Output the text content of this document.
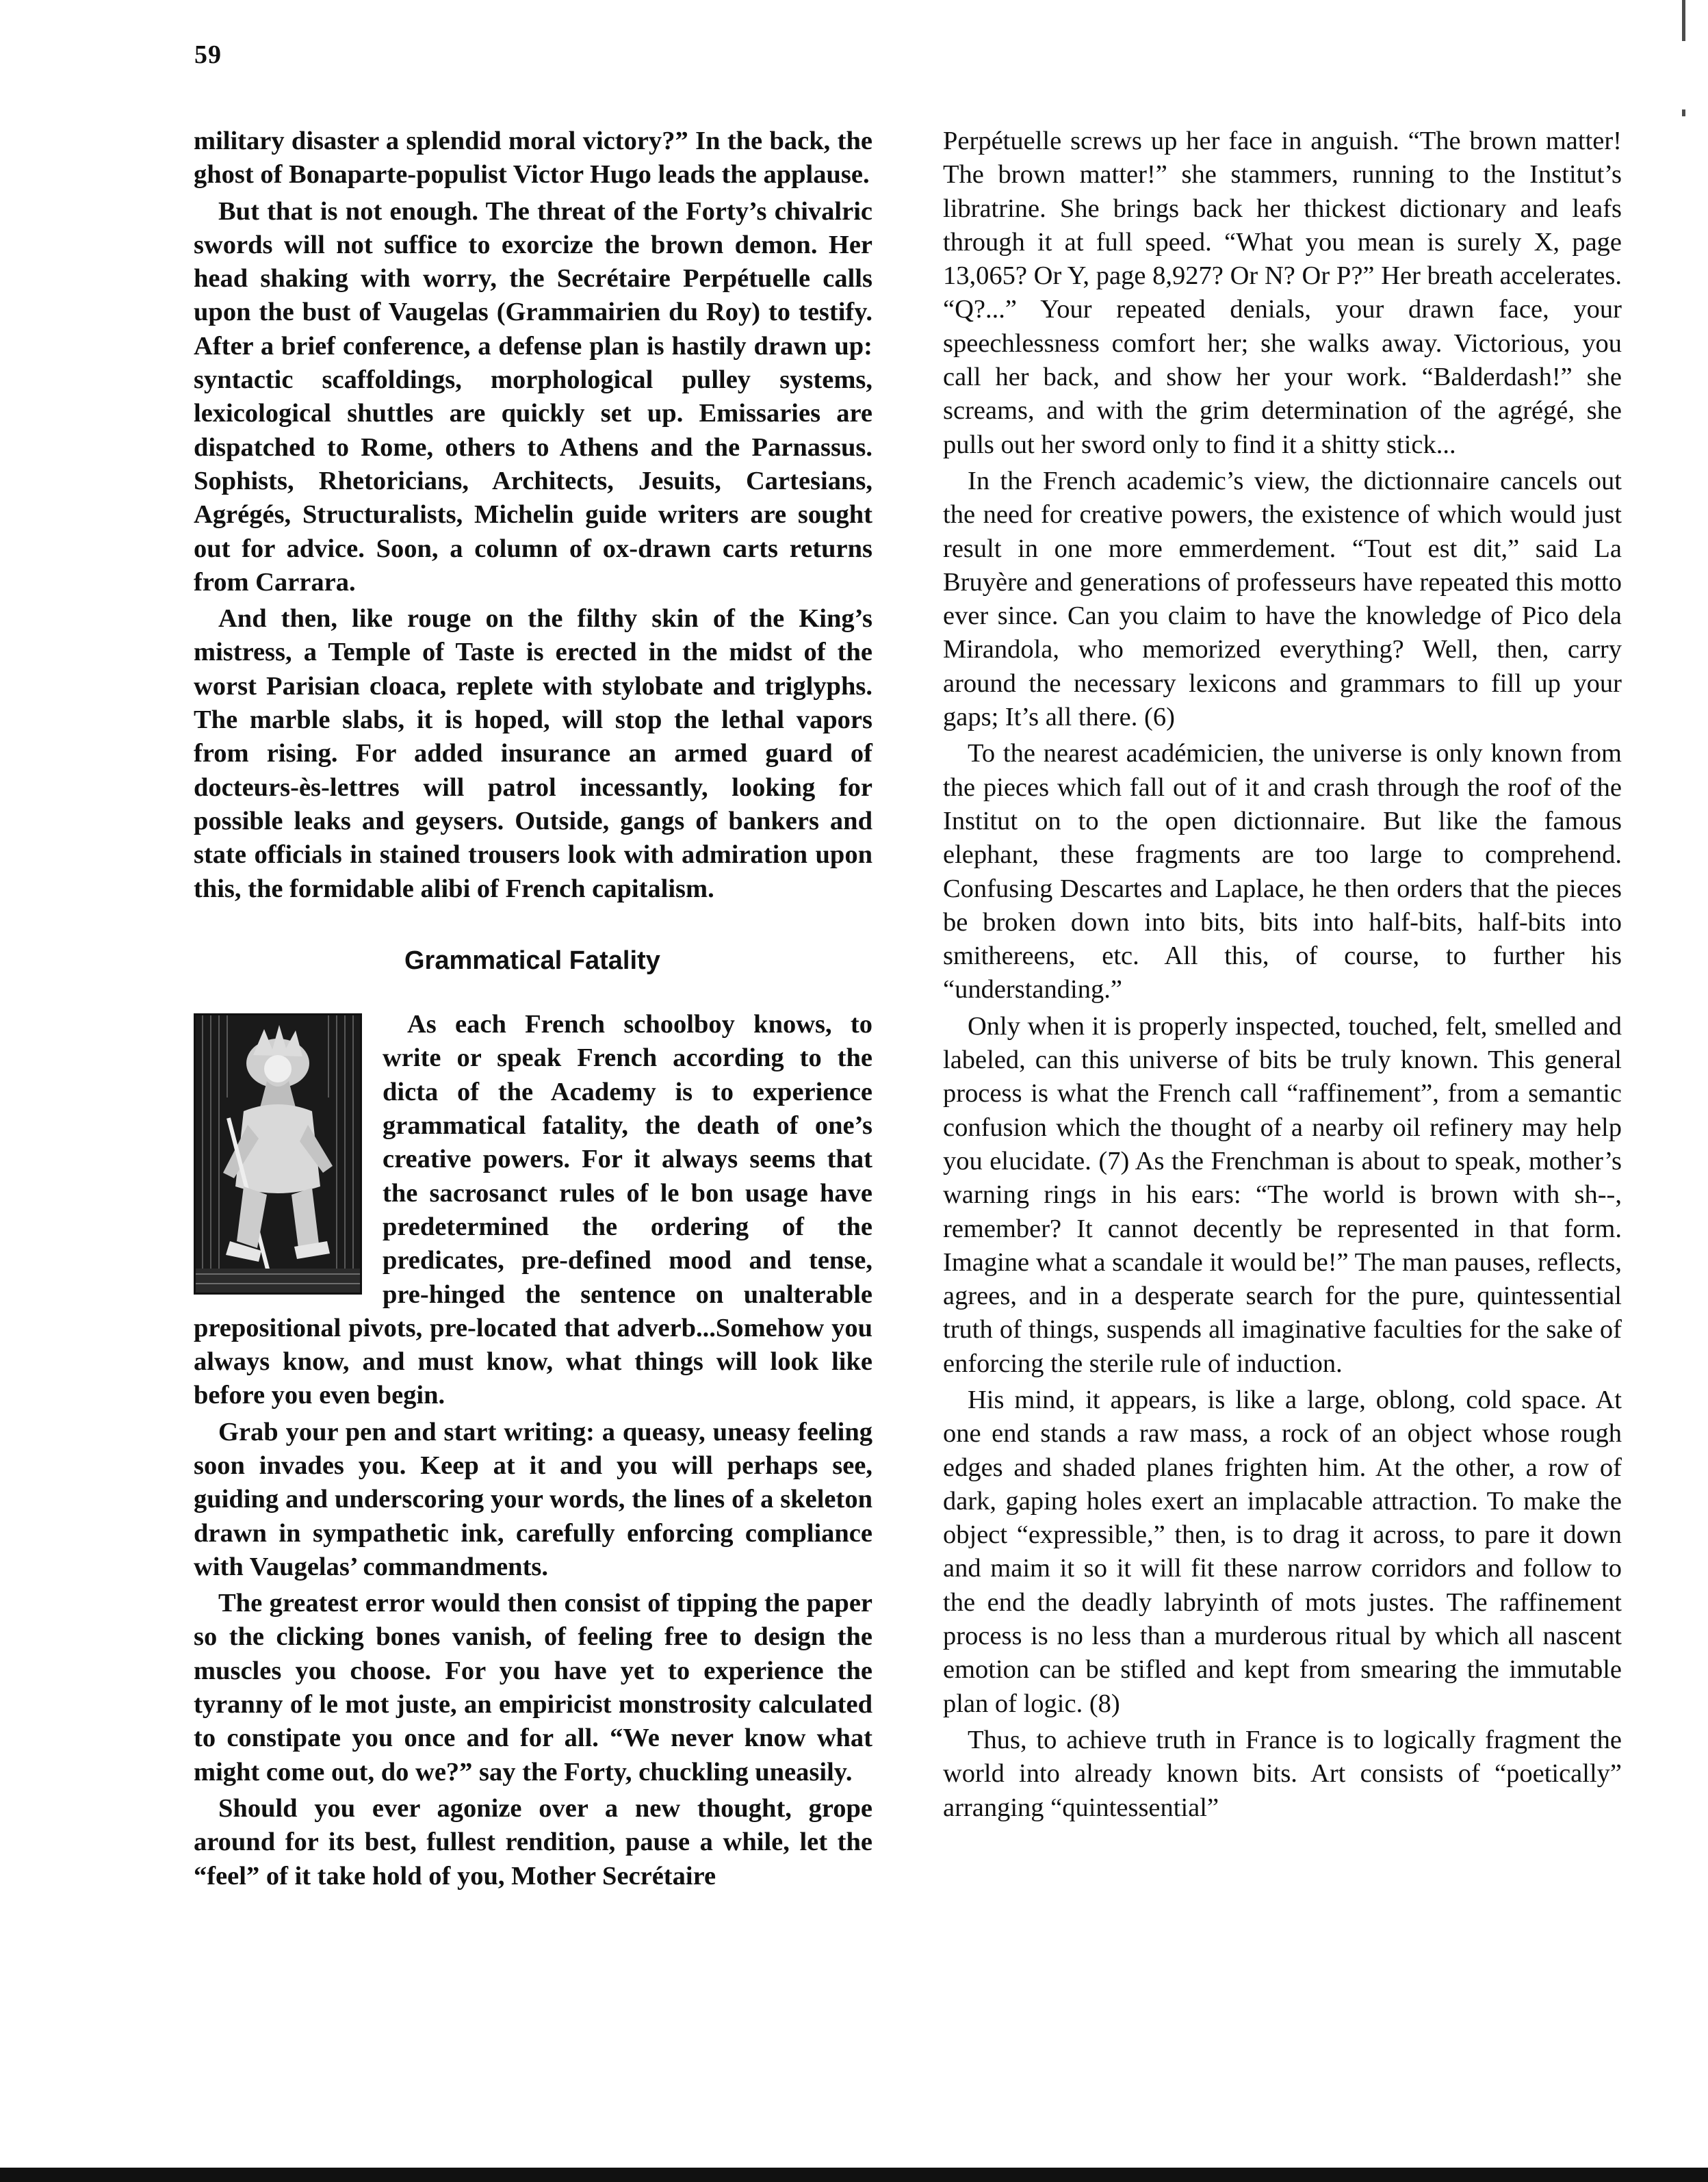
59

military disaster a splendid moral victory?” In the back, the ghost of Bonaparte-populist Victor Hugo leads the applause.

But that is not enough. The threat of the Forty’s chivalric swords will not suffice to exorcize the brown demon. Her head shaking with worry, the Secrétaire Perpétuelle calls upon the bust of Vaugelas (Grammairien du Roy) to testify. After a brief conference, a defense plan is hastily drawn up: syntactic scaffoldings, morphological pulley systems, lexicological shuttles are quickly set up. Emissaries are dispatched to Rome, others to Athens and the Parnassus. Sophists, Rhetoricians, Architects, Jesuits, Cartesians, Agrégés, Structuralists, Michelin guide writers are sought out for advice. Soon, a column of ox-drawn carts returns from Carrara.

And then, like rouge on the filthy skin of the King’s mistress, a Temple of Taste is erected in the midst of the worst Parisian cloaca, replete with stylobate and triglyphs. The marble slabs, it is hoped, will stop the lethal vapors from rising. For added insurance an armed guard of docteurs-ès-lettres will patrol incessantly, looking for possible leaks and geysers. Outside, gangs of bankers and state officials in stained trousers look with admiration upon this, the formidable alibi of French capitalism.

Grammatical Fatality

As each French schoolboy knows, to write or speak French according to the dicta of the Academy is to experience grammatical fatality, the death of one’s creative powers. For it always seems that the sacrosanct rules of le bon usage have predetermined the ordering of the predicates, pre-defined mood and tense, pre-hinged the sentence on unalterable prepositional pivots, pre-located that adverb...Somehow you always know, and must know, what things will look like before you even begin.

Grab your pen and start writing: a queasy, uneasy feeling soon invades you. Keep at it and you will perhaps see, guiding and underscoring your words, the lines of a skeleton drawn in sympathetic ink, carefully enforcing compliance with Vaugelas’ commandments.

The greatest error would then consist of tipping the paper so the clicking bones vanish, of feeling free to design the muscles you choose. For you have yet to experience the tyranny of le mot juste, an empiricist monstrosity calculated to constipate you once and for all. “We never know what might come out, do we?” say the Forty, chuckling uneasily.

Should you ever agonize over a new thought, grope around for its best, fullest rendition, pause a while, let the “feel” of it take hold of you, Mother Secrétaire

Perpétuelle screws up her face in anguish. “The brown matter! The brown matter!” she stammers, running to the Institut’s libratrine. She brings back her thickest dictionary and leafs through it at full speed. “What you mean is surely X, page 13,065? Or Y, page 8,927? Or N? Or P?” Her breath accelerates. “Q?...” Your repeated denials, your drawn face, your speechlessness comfort her; she walks away. Victorious, you call her back, and show her your work. “Balderdash!” she screams, and with the grim determination of the agrégé, she pulls out her sword only to find it a shitty stick...

In the French academic’s view, the dictionnaire cancels out the need for creative powers, the existence of which would just result in one more emmerdement. “Tout est dit,” said La Bruyère and generations of professeurs have repeated this motto ever since. Can you claim to have the knowledge of Pico dela Mirandola, who memorized everything? Well, then, carry around the necessary lexicons and grammars to fill up your gaps; It’s all there. (6)

To the nearest académicien, the universe is only known from the pieces which fall out of it and crash through the roof of the Institut on to the open dictionnaire. But like the famous elephant, these fragments are too large to comprehend. Confusing Descartes and Laplace, he then orders that the pieces be broken down into bits, bits into half-bits, half-bits into smithereens, etc. All this, of course, to further his “understanding.”

Only when it is properly inspected, touched, felt, smelled and labeled, can this universe of bits be truly known. This general process is what the French call “raffinement”, from a semantic confusion which the thought of a nearby oil refinery may help you elucidate. (7) As the Frenchman is about to speak, mother’s warning rings in his ears: “The world is brown with sh--, remember? It cannot decently be represented in that form. Imagine what a scandale it would be!” The man pauses, reflects, agrees, and in a desperate search for the pure, quintessential truth of things, suspends all imaginative faculties for the sake of enforcing the sterile rule of induction.

His mind, it appears, is like a large, oblong, cold space. At one end stands a raw mass, a rock of an object whose rough edges and shaded planes frighten him. At the other, a row of dark, gaping holes exert an implacable attraction. To make the object “expressible,” then, is to drag it across, to pare it down and maim it so it will fit these narrow corridors and follow to the end the deadly labryinth of mots justes. The raffinement process is no less than a murderous ritual by which all nascent emotion can be stifled and kept from smearing the immutable plan of logic. (8)

Thus, to achieve truth in France is to logically fragment the world into already known bits. Art consists of “poetically” arranging “quintessential”
